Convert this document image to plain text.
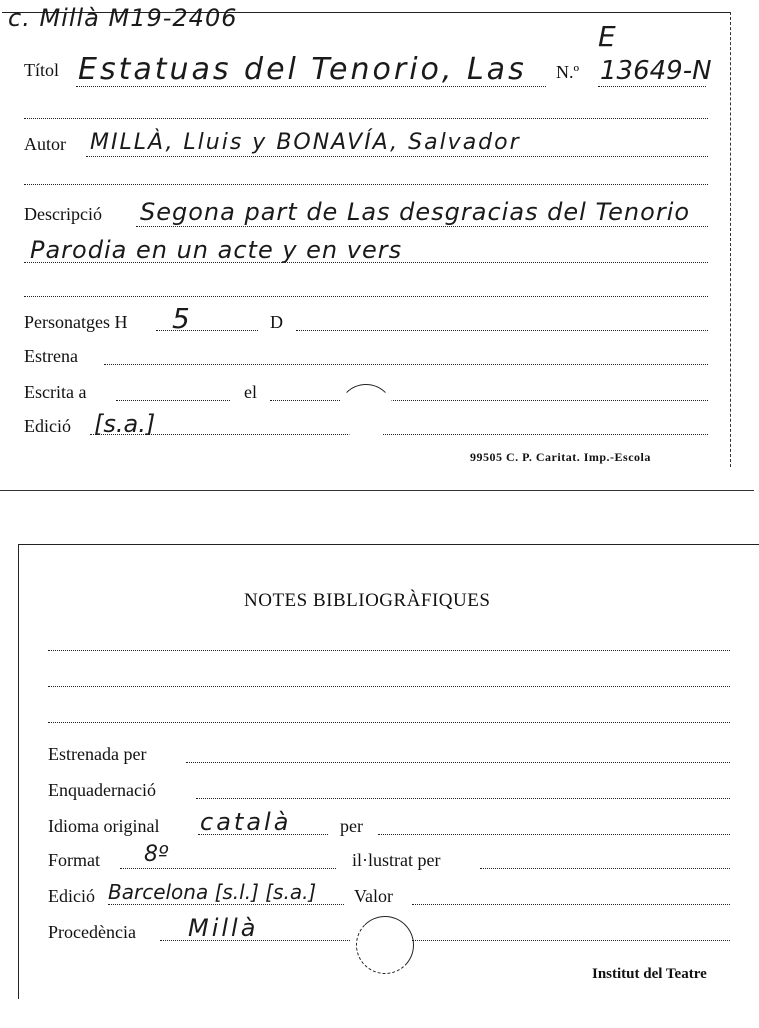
c. Millà M19-2406
E
Títol Estatuas del Tenorio, Las N.º 13649-N
Autor MILLÀ, Lluis y BONAVÍA, Salvador
Descripció Segona part de Las desgracias del Tenorio
Parodia en un acte y en vers
Personatges H 5	D
Estrena
Escrita a	el
Edició [s.a.]
99505 C. P. Caritat. Imp.-Escola
NOTES BIBLIOGRÀFIQUES
Estrenada per
Enquadernació
Idioma original català	per
Format 8º	il·lustrat per
Edició Barcelona [s.l.] [s.a.] Valor
Procedència Millà
Institut del Teatre
